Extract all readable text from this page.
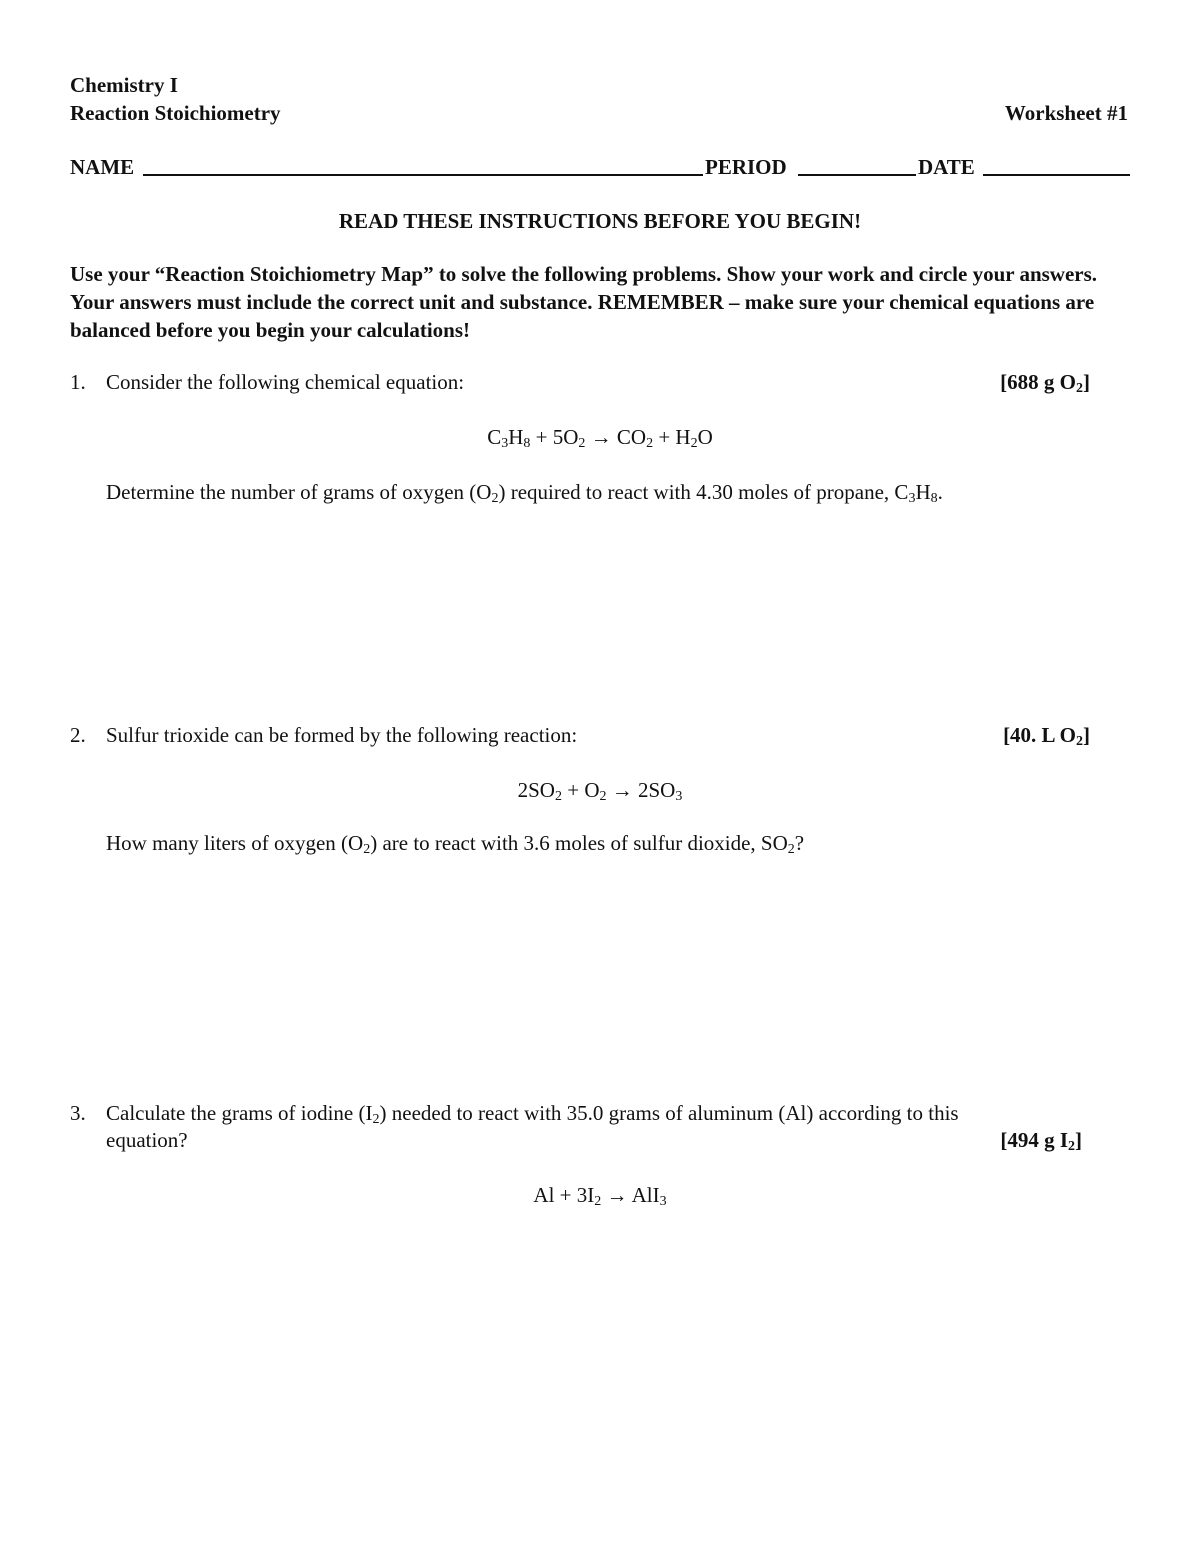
Chemistry I
Reaction Stoichiometry	Worksheet #1
NAME	PERIOD	DATE
READ THESE INSTRUCTIONS BEFORE YOU BEGIN!
Use your “Reaction Stoichiometry Map” to solve the following problems. Show your work and circle your answers. Your answers must include the correct unit and substance. REMEMBER – make sure your chemical equations are balanced before you begin your calculations!
1. Consider the following chemical equation:	[688 g $O_2$]
$C_3H_8 + 5O_2 \to CO_2 + H_2O$
Determine the number of grams of oxygen $(O_2)$ required to react with 4.30 moles of propane, $C_3H_8$.
2. Sulfur trioxide can be formed by the following reaction:	[40. L $O_2$]
$2SO_2 + O_2 \to 2SO_3$
How many liters of oxygen $(O_2)$ are to react with 3.6 moles of sulfur dioxide, $SO_2$?
3. Calculate the grams of iodine $(I_2)$ needed to react with 35.0 grams of aluminum (Al) according to this
equation?	[494 g $I_2$]
$Al + 3I_2 \to AlI_3$
